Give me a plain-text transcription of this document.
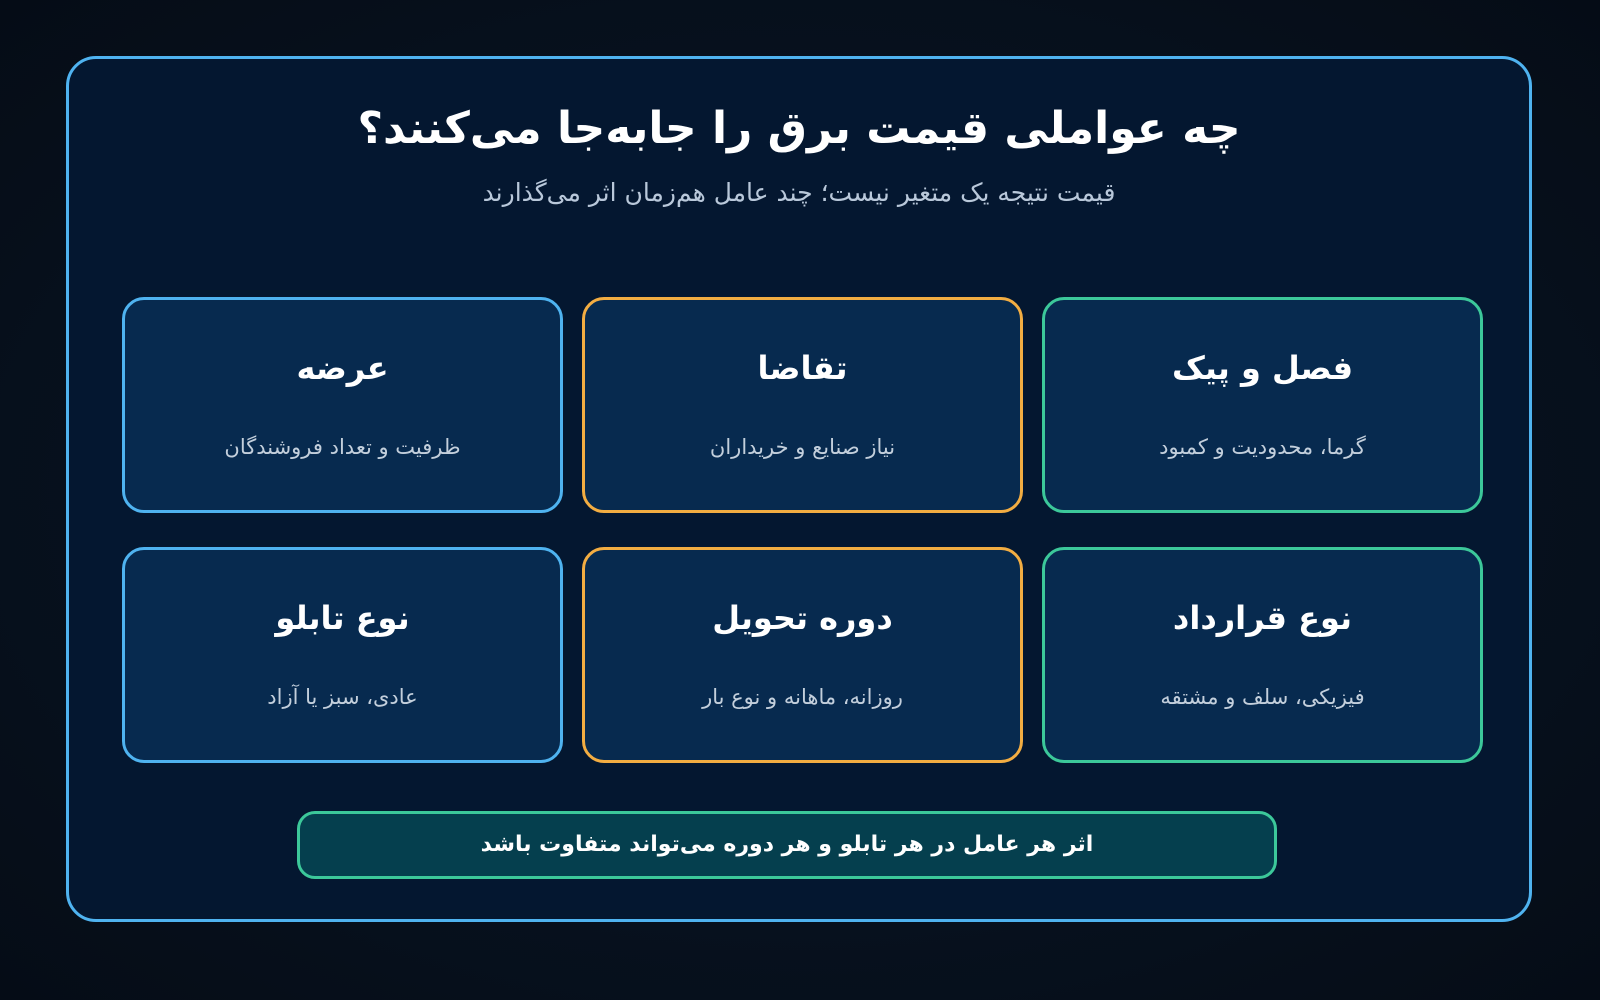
چه عواملی قیمت برق را جابه‌جا می‌کنند؟

قیمت نتیجه یک متغیر نیست؛ چند عامل هم‌زمان اثر می‌گذارند

فصل و پیک
گرما، محدودیت و کمبود
تقاضا
نیاز صنایع و خریداران
عرضه
ظرفیت و تعداد فروشندگان
نوع قرارداد
فیزیکی، سلف و مشتقه
دوره تحویل
روزانه، ماهانه و نوع بار
نوع تابلو
عادی، سبز یا آزاد
اثر هر عامل در هر تابلو و هر دوره می‌تواند متفاوت باشد
